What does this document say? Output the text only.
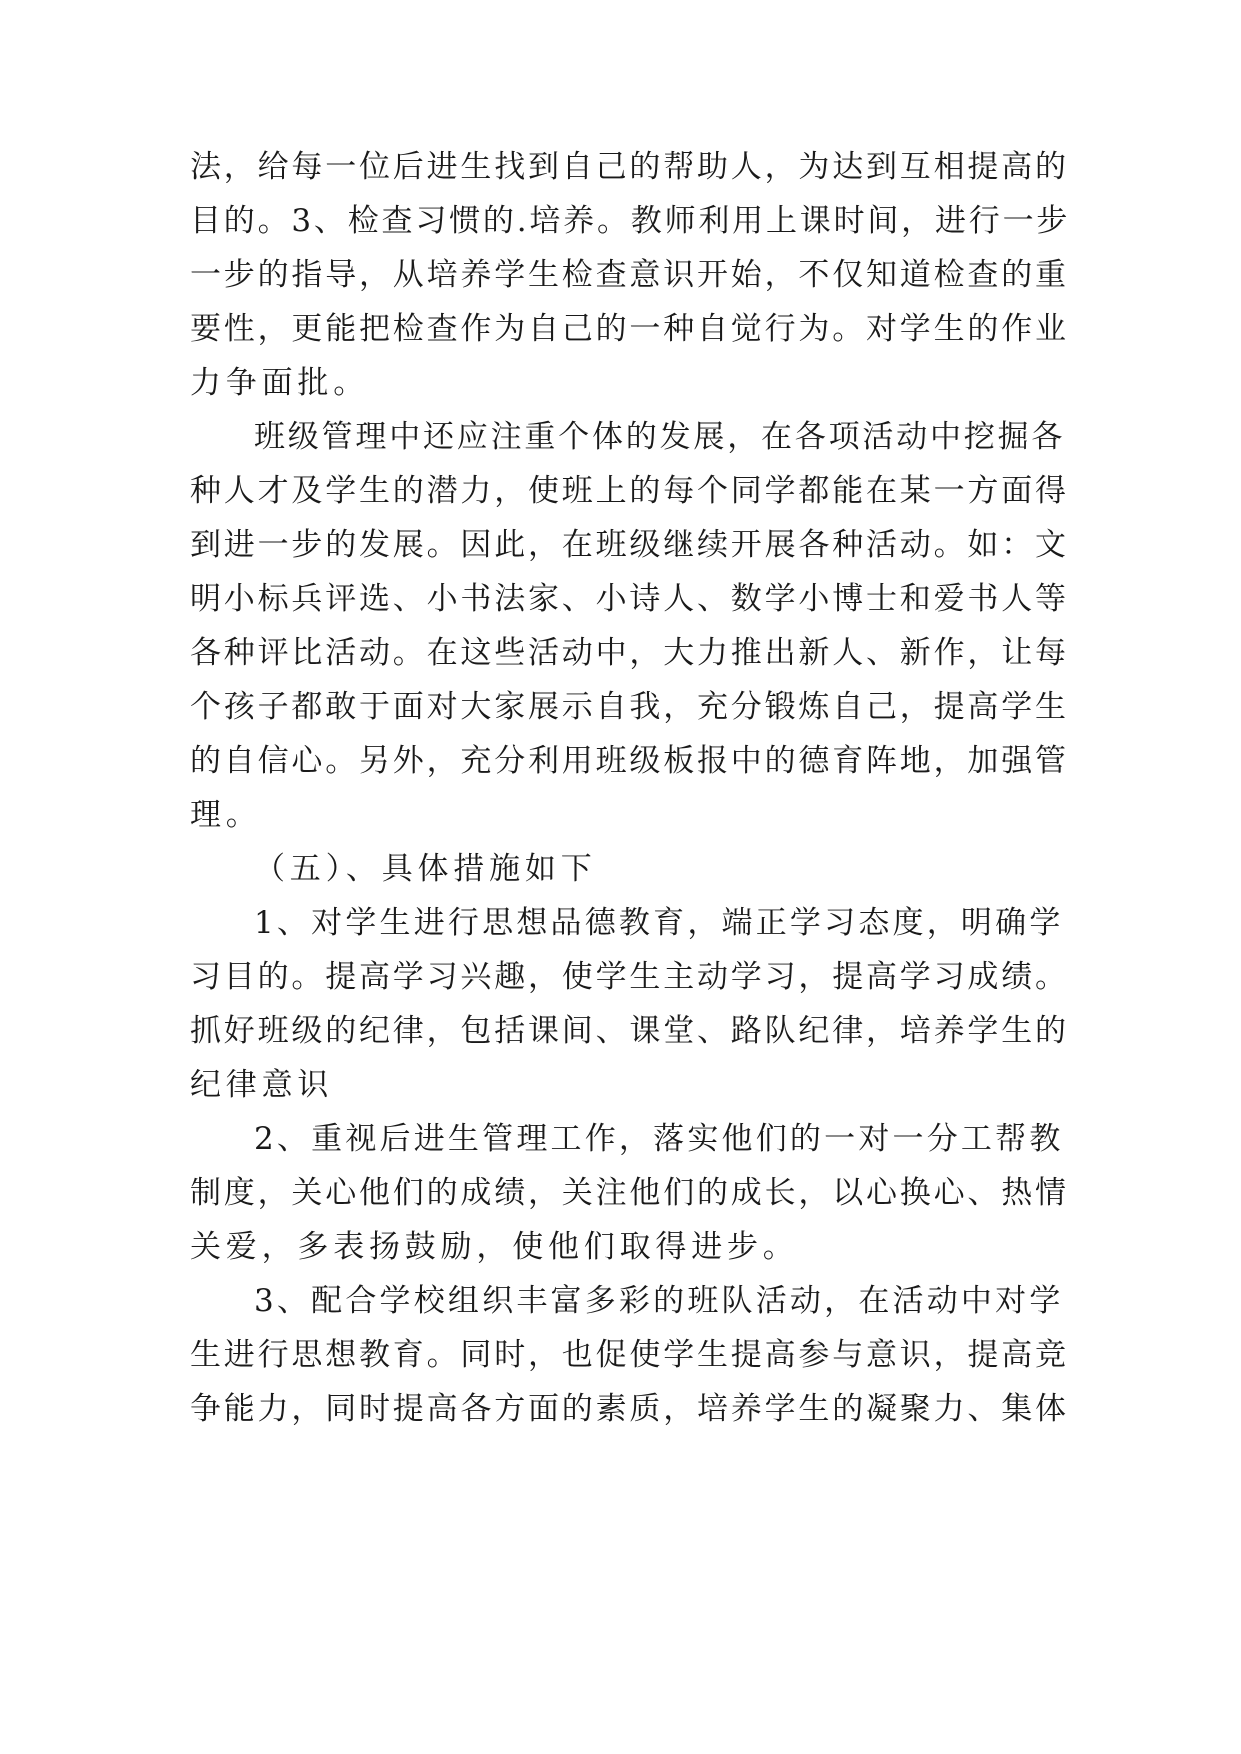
法，给每一位后进生找到自己的帮助人，为达到互相提高的
目的。3、检查习惯的.培养。教师利用上课时间，进行一步
一步的指导，从培养学生检查意识开始，不仅知道检查的重
要性，更能把检查作为自己的一种自觉行为。对学生的作业
力争面批。
班级管理中还应注重个体的发展，在各项活动中挖掘各
种人才及学生的潜力，使班上的每个同学都能在某一方面得
到进一步的发展。因此，在班级继续开展各种活动。如：文
明小标兵评选、小书法家、小诗人、数学小博士和爱书人等
各种评比活动。在这些活动中，大力推出新人、新作，让每
个孩子都敢于面对大家展示自我，充分锻炼自己，提高学生
的自信心。另外，充分利用班级板报中的德育阵地，加强管
理。
（五）、具体措施如下
1、对学生进行思想品德教育，端正学习态度，明确学
习目的。提高学习兴趣，使学生主动学习，提高学习成绩。
抓好班级的纪律，包括课间、课堂、路队纪律，培养学生的
纪律意识
2、重视后进生管理工作，落实他们的一对一分工帮教
制度，关心他们的成绩，关注他们的成长，以心换心、热情
关爱，多表扬鼓励，使他们取得进步。
3、配合学校组织丰富多彩的班队活动，在活动中对学
生进行思想教育。同时，也促使学生提高参与意识，提高竞
争能力，同时提高各方面的素质，培养学生的凝聚力、集体
